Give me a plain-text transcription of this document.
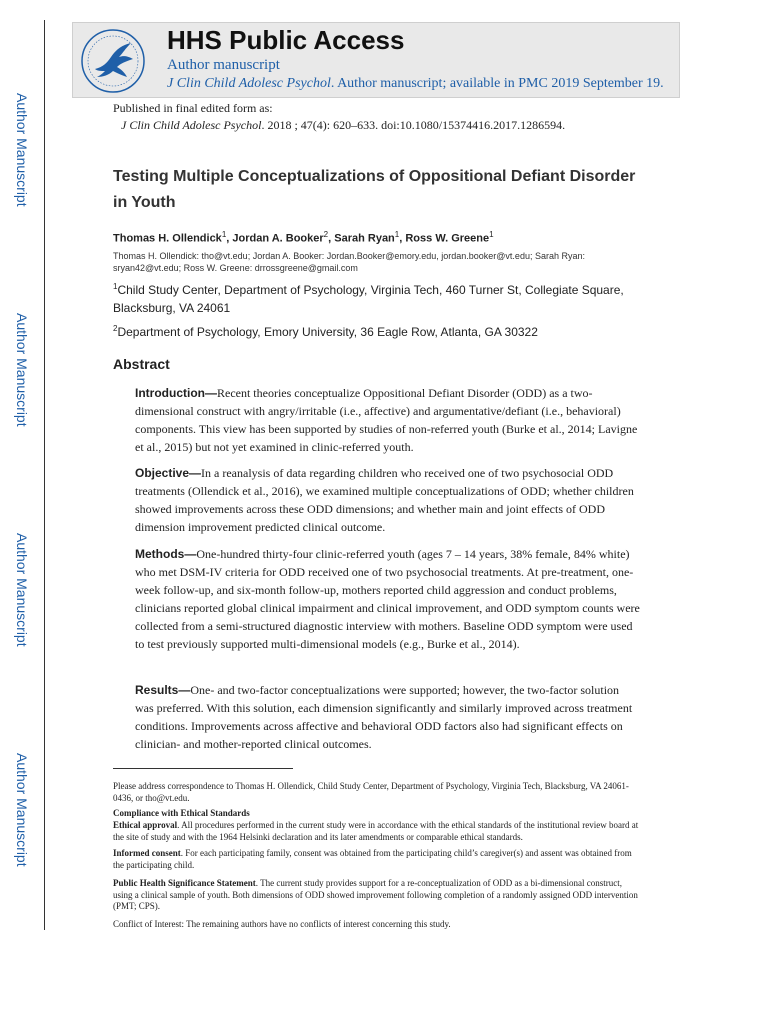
Author Manuscript
Author Manuscript
Author Manuscript
Author Manuscript
HHS Public Access
Author manuscript
J Clin Child Adolesc Psychol. Author manuscript; available in PMC 2019 September 19.
Published in final edited form as:
J Clin Child Adolesc Psychol. 2018 ; 47(4): 620–633. doi:10.1080/15374416.2017.1286594.
Testing Multiple Conceptualizations of Oppositional Defiant Disorder in Youth
Thomas H. Ollendick$^1$, Jordan A. Booker$^2$, Sarah Ryan$^1$, Ross W. Greene$^1$
Thomas H. Ollendick: tho@vt.edu; Jordan A. Booker: Jordan.Booker@emory.edu, jordan.booker@vt.edu; Sarah Ryan: sryan42@vt.edu; Ross W. Greene: drrossgreene@gmail.com
$^1$Child Study Center, Department of Psychology, Virginia Tech, 460 Turner St, Collegiate Square, Blacksburg, VA 24061
$^2$Department of Psychology, Emory University, 36 Eagle Row, Atlanta, GA 30322
Abstract
Introduction—Recent theories conceptualize Oppositional Defiant Disorder (ODD) as a two-dimensional construct with angry/irritable (i.e., affective) and argumentative/defiant (i.e., behavioral) components. This view has been supported by studies of non-referred youth (Burke et al., 2014; Lavigne et al., 2015) but not yet examined in clinic-referred youth.
Objective—In a reanalysis of data regarding children who received one of two psychosocial ODD treatments (Ollendick et al., 2016), we examined multiple conceptualizations of ODD; whether children showed improvements across these ODD dimensions; and whether main and joint effects of ODD dimension improvement predicted clinical outcome.
Methods—One-hundred thirty-four clinic-referred youth (ages 7 – 14 years, 38% female, 84% white) who met DSM-IV criteria for ODD received one of two psychosocial treatments. At pre-treatment, one-week follow-up, and six-month follow-up, mothers reported child aggression and conduct problems, clinicians reported global clinical impairment and clinical improvement, and ODD symptom counts were collected from a semi-structured diagnostic interview with mothers. Baseline ODD symptom were used to test previously supported multi-dimensional models (e.g., Burke et al., 2014).
Results—One- and two-factor conceptualizations were supported; however, the two-factor solution was preferred. With this solution, each dimension significantly and similarly improved across treatment conditions. Improvements across affective and behavioral ODD factors also had significant effects on clinician- and mother-reported clinical outcomes.
Please address correspondence to Thomas H. Ollendick, Child Study Center, Department of Psychology, Virginia Tech, Blacksburg, VA 24061-0436, or tho@vt.edu.
Compliance with Ethical Standards
Ethical approval. All procedures performed in the current study were in accordance with the ethical standards of the institutional review board at the site of study and with the 1964 Helsinki declaration and its later amendments or comparable ethical standards.
Informed consent. For each participating family, consent was obtained from the participating child’s caregiver(s) and assent was obtained from the participating child.
Public Health Significance Statement. The current study provides support for a re-conceptualization of ODD as a bi-dimensional construct, using a clinical sample of youth. Both dimensions of ODD showed improvement following completion of a randomly assigned ODD intervention (PMT; CPS).
Conflict of Interest: The remaining authors have no conflicts of interest concerning this study.
